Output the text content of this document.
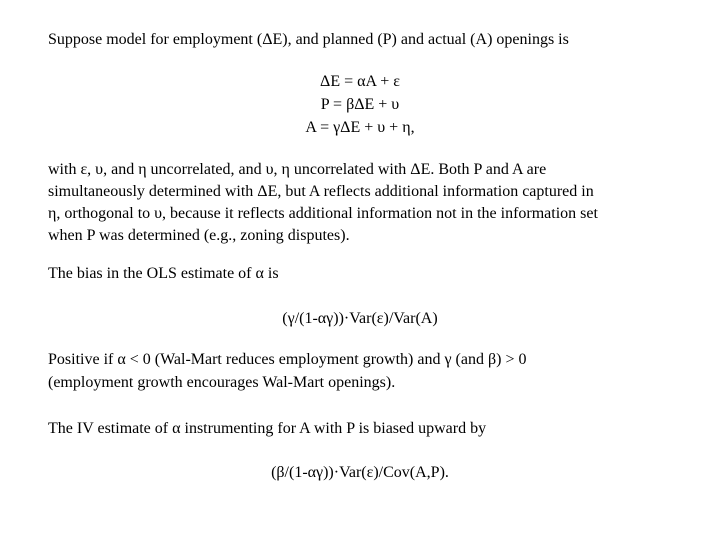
Suppose model for employment (ΔE), and planned (P) and actual (A) openings is
ΔE = αA + ε
P = βΔE + υ
A = γΔE + υ + η,
with ε, υ, and η uncorrelated, and υ, η uncorrelated with ΔE. Both P and A are
simultaneously determined with ΔE, but A reflects additional information captured in
η, orthogonal to υ, because it reflects additional information not in the information set
when P was determined (e.g., zoning disputes).
The bias in the OLS estimate of α is
(γ/(1-αγ))·Var(ε)/Var(A)
Positive if α < 0 (Wal-Mart reduces employment growth) and γ (and β) > 0
(employment growth encourages Wal-Mart openings).
The IV estimate of α instrumenting for A with P is biased upward by
(β/(1-αγ))·Var(ε)/Cov(A,P).
